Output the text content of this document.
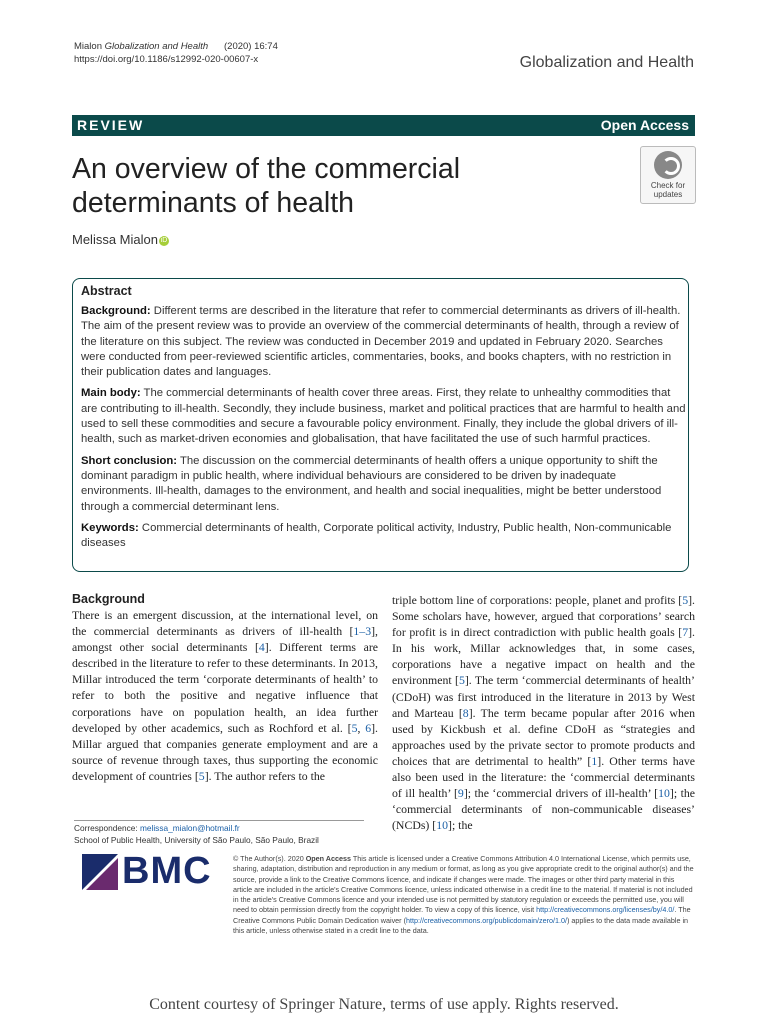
Mialon Globalization and Health (2020) 16:74
https://doi.org/10.1186/s12992-020-00607-x	Globalization and Health
REVIEW	Open Access
An overview of the commercial determinants of health
Check for updates
Melissa Mialon iD
Abstract

Background: Different terms are described in the literature that refer to commercial determinants as drivers of ill-health. The aim of the present review was to provide an overview of the commercial determinants of health, through a review of the literature on this subject. The review was conducted in December 2019 and updated in February 2020. Searches were conducted from peer-reviewed scientific articles, commentaries, books, and books chapters, with no restriction in their publication dates and languages.

Main body: The commercial determinants of health cover three areas. First, they relate to unhealthy commodities that are contributing to ill-health. Secondly, they include business, market and political practices that are harmful to health and used to sell these commodities and secure a favourable policy environment. Finally, they include the global drivers of ill-health, such as market-driven economies and globalisation, that have facilitated the use of such harmful practices.

Short conclusion: The discussion on the commercial determinants of health offers a unique opportunity to shift the dominant paradigm in public health, where individual behaviours are considered to be driven by inadequate environments. Ill-health, damages to the environment, and health and social inequalities, might be better understood through a commercial determinant lens.

Keywords: Commercial determinants of health, Corporate political activity, Industry, Public health, Non-communicable diseases

Background
There is an emergent discussion, at the international level, on the commercial determinants as drivers of ill-health [1–3], amongst other social determinants [4]. Different terms are described in the literature to refer to these determinants. In 2013, Millar introduced the term ‘corporate determinants of health’ to refer to both the positive and negative influence that corporations have on population health, an idea further developed by other academics, such as Rochford et al. [5, 6]. Millar argued that companies generate employment and are a source of revenue through taxes, thus supporting the economic development of countries [5]. The author refers to the
triple bottom line of corporations: people, planet and profits [5]. Some scholars have, however, argued that corporations’ search for profit is in direct contradiction with public health goals [7]. In his work, Millar acknowledges that, in some cases, corporations have a negative impact on health and the environment [5]. The term ‘commercial determinants of health’ (CDoH) was first introduced in the literature in 2013 by West and Marteau [8]. The term became popular after 2016 when used by Kickbush et al. define CDoH as “strategies and approaches used by the private sector to promote products and choices that are detrimental to health” [1]. Other terms have also been used in the literature: the ‘commercial determinants of ill health’ [9]; the ‘commercial drivers of ill-health’ [10]; the ‘commercial determinants of non-communicable diseases’ (NCDs) [10]; the
Correspondence: melissa_mialon@hotmail.fr
School of Public Health, University of São Paulo, São Paulo, Brazil
BMC	© The Author(s). 2020 Open Access This article is licensed under a Creative Commons Attribution 4.0 International License, which permits use, sharing, adaptation, distribution and reproduction in any medium or format, as long as you give appropriate credit to the original author(s) and the source, provide a link to the Creative Commons licence, and indicate if changes were made. The images or other third party material in this article are included in the article's Creative Commons licence, unless indicated otherwise in a credit line to the material. If material is not included in the article's Creative Commons licence and your intended use is not permitted by statutory regulation or exceeds the permitted use, you will need to obtain permission directly from the copyright holder. To view a copy of this licence, visit http://creativecommons.org/licenses/by/4.0/. The Creative Commons Public Domain Dedication waiver (http://creativecommons.org/publicdomain/zero/1.0/) applies to the data made available in this article, unless otherwise stated in a credit line to the data.
Content courtesy of Springer Nature, terms of use apply. Rights reserved.
